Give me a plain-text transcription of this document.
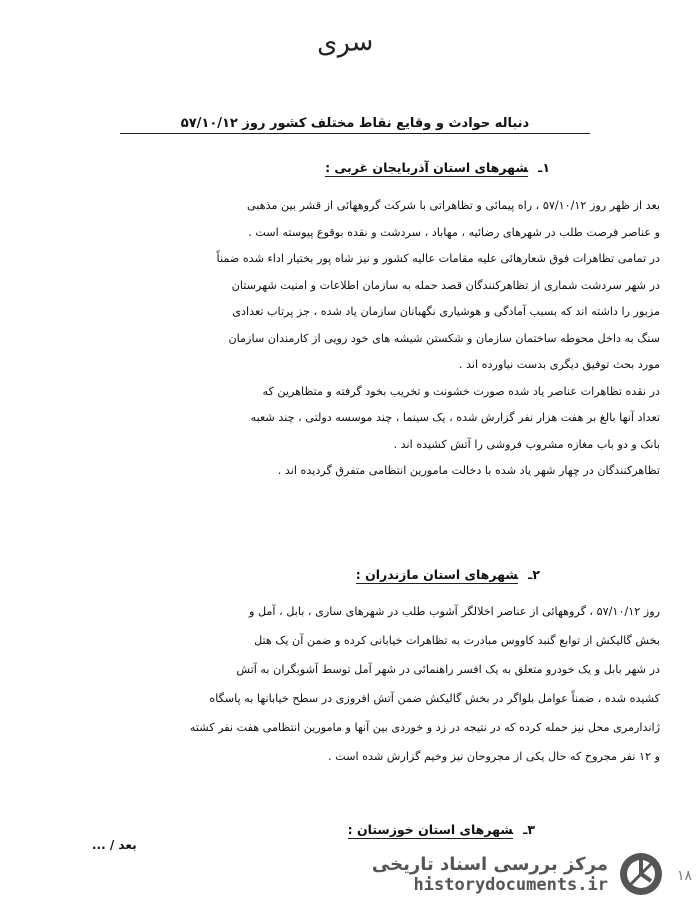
سری
دنباله حوادث و وقایع نقاط مختلف کشور روز ۵۷/۱۰/۱۲
۱ـشهرهای استان آذربایجان غربی :
بعد از ظهر روز ۵۷/۱۰/۱۲ ، راه پیمائی و تظاهراتی با شرکت گروههائی از قشر بین مذهبی
و عناصر فرصت طلب در شهرهای رضائیه ، مهاباد ، سردشت و نقده بوقوع پیوسته است .
در تمامی تظاهرات فوق شعارهائی علیه مقامات عالیه کشور و نیز شاه پور بختیار اداء شده ضمناً
در شهر سردشت شماری از تظاهرکنندگان قصد حمله به سازمان اطلاعات و امنیت شهرستان
مزبور را داشته اند که بسبب آمادگی و هوشیاری نگهبانان سازمان یاد شده ، جز پرتاب تعدادی
سنگ به داخل محوطه ساختمان سازمان و شکستن شیشه های خود رویی از کارمندان سازمان
مورد بحث توفیق دیگری بدست نیاورده اند .
در نقده تظاهرات عناصر یاد شده صورت خشونت و تخریب بخود گرفته و متظاهرین که
تعداد آنها بالغ بر هفت هزار نفر گزارش شده ، یک سینما ، چند موسسه دولتی ، چند شعبه
بانک و دو باب مغازه مشروب فروشی را آتش کشیده اند .
تظاهرکنندگان در چهار شهر یاد شده با دخالت مامورین انتظامی متفرق گردیده اند .
۲ـشهرهای استان مازندران :
روز ۵۷/۱۰/۱۲ ، گروههائی از عناصر اخلالگر آشوب طلب در شهرهای ساری ، بابل ، آمل و
بخش گالیکش از توابع گنبد کاووس مبادرت به تظاهرات خیابانی کرده و ضمن آن یک هتل
در شهر بابل و یک خودرو متعلق به یک افسر راهنمائی در شهر آمل توسط آشوبگران به آتش
کشیده شده ، ضمناً عوامل بلواگر در بخش گالیکش ضمن آتش افروزی در سطح خیابانها به پاسگاه
ژاندارمری محل نیز حمله کرده که در نتیجه در زد و خوردی بین آنها و مامورین انتظامی هفت نفر کشته
و ۱۲ نفر مجروح که حال یکی از مجروحان نیز وخیم گزارش شده است .
۳ـشهرهای استان خوزستان :
بعد / ...
مرکز بررسی اسناد تاریخی
historydocuments.ir	۱۸
